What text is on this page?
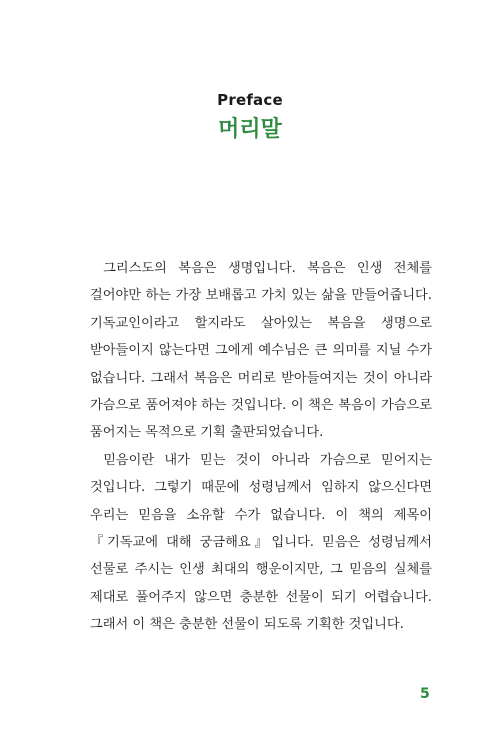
Preface
머리말

그리스도의 복음은 생명입니다. 복음은 인생 전체를 걸어야만 하는 가장 보배롭고 가치 있는 삶을 만들어줍니다. 기독교인이라고 할지라도 살아있는 복음을 생명으로 받아들이지 않는다면 그에게 예수님은 큰 의미를 지닐 수가 없습니다. 그래서 복음은 머리로 받아들여지는 것이 아니라 가슴으로 품어져야 하는 것입니다. 이 책은 복음이 가슴으로 품어지는 목적으로 기획 출판되었습니다.

믿음이란 내가 믿는 것이 아니라 가슴으로 믿어지는 것입니다. 그렇기 때문에 성령님께서 임하지 않으신다면 우리는 믿음을 소유할 수가 없습니다. 이 책의 제목이 『기독교에 대해 궁금해요』입니다. 믿음은 성령님께서 선물로 주시는 인생 최대의 행운이지만, 그 믿음의 실체를 제대로 풀어주지 않으면 충분한 선물이 되기 어렵습니다. 그래서 이 책은 충분한 선물이 되도록 기획한 것입니다.

5
